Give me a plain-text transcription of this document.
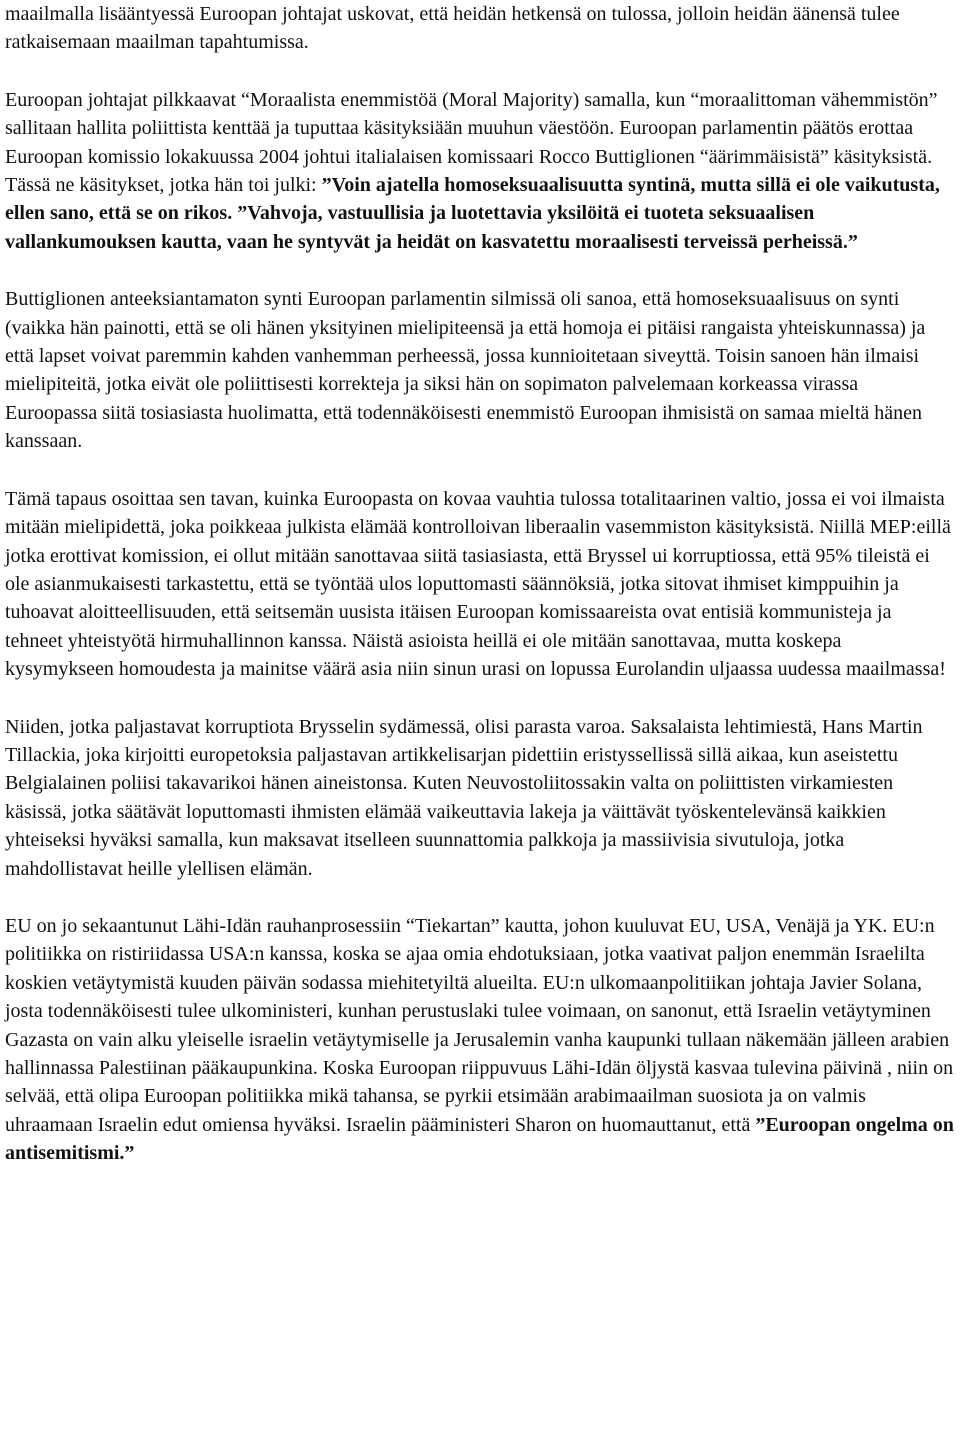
maailmalla lisääntyessä Euroopan johtajat uskovat, että heidän hetkensä on tulossa, jolloin heidän äänensä tulee ratkaisemaan maailman tapahtumissa.

Euroopan johtajat pilkkaavat “Moraalista enemmistöä (Moral Majority) samalla, kun “moraalittoman vähemmistön” sallitaan hallita poliittista kenttää ja tuputtaa käsityksiään muuhun väestöön. Euroopan parlamentin päätös erottaa Euroopan komissio lokakuussa 2004 johtui italialaisen komissaari Rocco Buttiglionen “äärimmäisistä” käsityksistä. Tässä ne käsitykset, jotka hän toi julki: ”Voin ajatella homoseksuaalisuutta syntinä, mutta sillä ei ole vaikutusta, ellen sano, että se on rikos. ”Vahvoja, vastuullisia ja luotettavia yksilöitä ei tuoteta seksuaalisen vallankumouksen kautta, vaan he syntyvät ja heidät on kasvatettu moraalisesti terveissä perheissä.”

Buttiglionen anteeksiantamaton synti Euroopan parlamentin silmissä oli sanoa, että homoseksuaalisuus on synti (vaikka hän painotti, että se oli hänen yksityinen mielipiteensä ja että homoja ei pitäisi rangaista yhteiskunnassa) ja että lapset voivat paremmin kahden vanhemman perheessä, jossa kunnioitetaan siveyttä. Toisin sanoen hän ilmaisi mielipiteitä, jotka eivät ole poliittisesti korrekteja ja siksi hän on sopimaton palvelemaan korkeassa virassa Euroopassa siitä tosiasiasta huolimatta, että todennäköisesti enemmistö Euroopan ihmisistä on samaa mieltä hänen kanssaan.

Tämä tapaus osoittaa sen tavan, kuinka Euroopasta on kovaa vauhtia tulossa totalitaarinen valtio, jossa ei voi ilmaista mitään mielipidettä, joka poikkeaa julkista elämää kontrolloivan liberaalin vasemmiston käsityksistä. Niillä MEP:eillä jotka erottivat komission, ei ollut mitään sanottavaa siitä tasiasiasta, että Bryssel ui korruptiossa, että 95% tileistä ei ole asianmukaisesti tarkastettu, että se työntää ulos loputtomasti säännöksiä, jotka sitovat ihmiset kimppuihin ja tuhoavat aloitteellisuuden, että seitsemän uusista itäisen Euroopan komissaareista ovat entisiä kommunisteja ja tehneet yhteistyötä hirmuhallinnon kanssa. Näistä asioista heillä ei ole mitään sanottavaa, mutta koskepa kysymykseen homoudesta ja mainitse väärä asia niin sinun urasi on lopussa Eurolandin uljaassa uudessa maailmassa!

Niiden, jotka paljastavat korruptiota Brysselin sydämessä, olisi parasta varoa. Saksalaista lehtimiestä, Hans Martin Tillackia, joka kirjoitti europetoksia paljastavan artikkelisarjan pidettiin eristyssellissä sillä aikaa, kun aseistettu Belgialainen poliisi takavarikoi hänen aineistonsa. Kuten Neuvostoliitossakin valta on poliittisten virkamiesten käsissä, jotka säätävät loputtomasti ihmisten elämää vaikeuttavia lakeja ja väittävät työskentelevänsä kaikkien yhteiseksi hyväksi samalla, kun maksavat itselleen suunnattomia palkkoja ja massiivisia sivutuloja, jotka mahdollistavat heille ylellisen elämän.

EU on jo sekaantunut Lähi-Idän rauhanprosessiin “Tiekartan” kautta, johon kuuluvat EU, USA, Venäjä ja YK. EU:n politiikka on ristiriidassa USA:n kanssa, koska se ajaa omia ehdotuksiaan, jotka vaativat paljon enemmän Israelilta koskien vetäytymistä kuuden päivän sodassa miehitetyiltä alueilta. EU:n ulkomaanpolitiikan johtaja Javier Solana, josta todennäköisesti tulee ulkoministeri, kunhan perustuslaki tulee voimaan, on sanonut, että Israelin vetäytyminen Gazasta on vain alku yleiselle israelin vetäytymiselle ja Jerusalemin vanha kaupunki tullaan näkemään jälleen arabien hallinnassa Palestiinan pääkaupunkina. Koska Euroopan riippuvuus Lähi-Idän öljystä kasvaa tulevina päivinä , niin on selvää, että olipa Euroopan politiikka mikä tahansa, se pyrkii etsimään arabimaailman suosiota ja on valmis uhraamaan Israelin edut omiensa hyväksi. Israelin pääministeri Sharon on huomauttanut, että ”Euroopan ongelma on antisemitismi.”
